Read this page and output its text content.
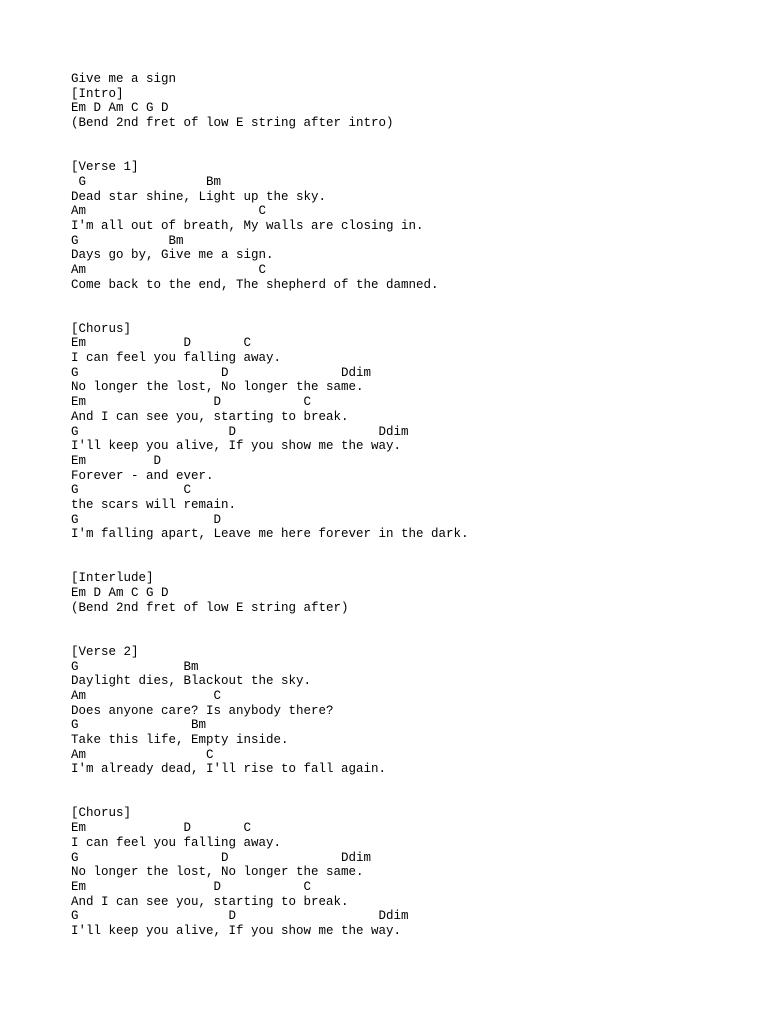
Give me a sign
[Intro]
Em D Am C G D
(Bend 2nd fret of low E string after intro)
[Verse 1]
G                Bm
Dead star shine, Light up the sky.
Am                       C
I'm all out of breath, My walls are closing in.
G            Bm
Days go by, Give me a sign.
Am                       C
Come back to the end, The shepherd of the damned.
[Chorus]
Em             D       C
I can feel you falling away.
G                   D               Ddim
No longer the lost, No longer the same.
Em                 D           C
And I can see you, starting to break.
G                    D                   Ddim
I'll keep you alive, If you show me the way.
Em         D
Forever - and ever.
G              C
the scars will remain.
G                  D
I'm falling apart, Leave me here forever in the dark.
[Interlude]
Em D Am C G D
(Bend 2nd fret of low E string after)
[Verse 2]
G              Bm
Daylight dies, Blackout the sky.
Am                 C
Does anyone care? Is anybody there?
G               Bm
Take this life, Empty inside.
Am                C
I'm already dead, I'll rise to fall again.
[Chorus]
Em             D       C
I can feel you falling away.
G                   D               Ddim
No longer the lost, No longer the same.
Em                 D           C
And I can see you, starting to break.
G                    D                   Ddim
I'll keep you alive, If you show me the way.
